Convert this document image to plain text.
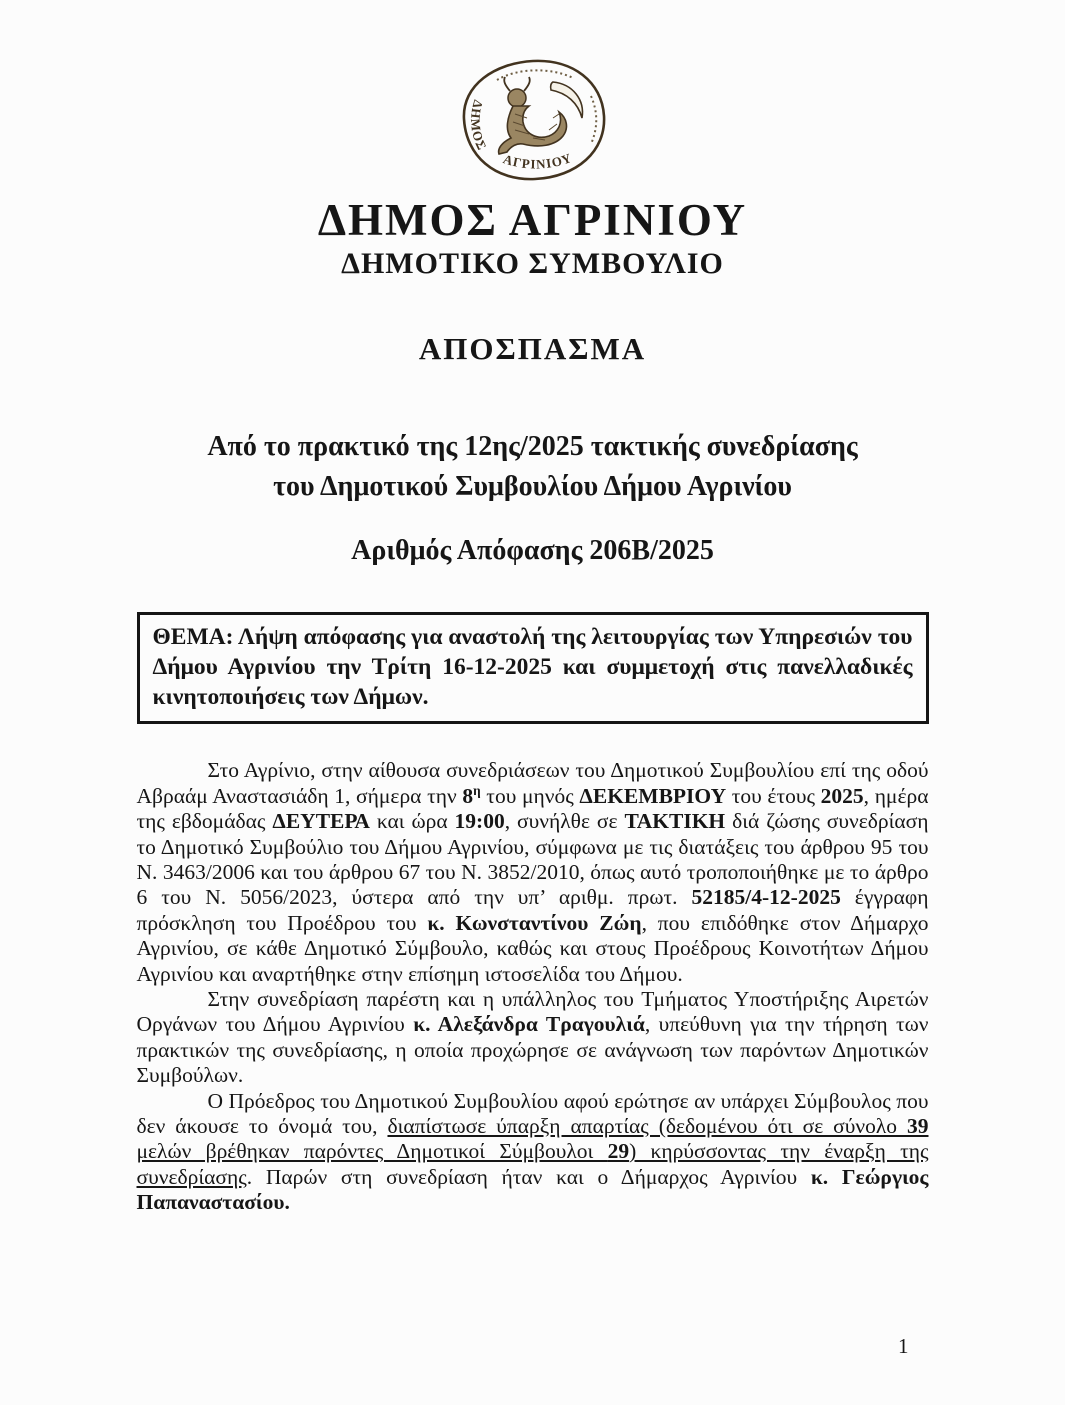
ΔΗΜΟΣ
ΑΓΡΙΝΙΟΥ
ΔΗΜΟΣ ΑΓΡΙΝΙΟΥ
ΔΗΜΟΤΙΚΟ ΣΥΜΒΟΥΛΙΟ
ΑΠΟΣΠΑΣΜΑ
Από το πρακτικό της 12ης/2025 τακτικής συνεδρίασης
του Δημοτικού Συμβουλίου Δήμου Αγρινίου
Αριθμός Απόφασης 206Β/2025
ΘΕΜΑ: Λήψη απόφασης για αναστολή της λειτουργίας των Υπηρεσιών του Δήμου Αγρινίου την Τρίτη 16-12-2025 και συμμετοχή στις πανελλαδικές κινητοποιήσεις των Δήμων.

Στο Αγρίνιο, στην αίθουσα συνεδριάσεων του Δημοτικού Συμβουλίου επί της οδού Αβραάμ Αναστασιάδη 1, σήμερα την $8^\eta$ του μηνός ΔΕΚΕΜΒΡΙΟΥ του έτους 2025, ημέρα της εβδομάδας ΔΕΥΤΕΡΑ και ώρα 19:00, συνήλθε σε ΤΑΚΤΙΚΗ διά ζώσης συνεδρίαση το Δημοτικό Συμβούλιο του Δήμου Αγρινίου, σύμφωνα με τις διατάξεις του άρθρου 95 του Ν. 3463/2006 και του άρθρου 67 του Ν. 3852/2010, όπως αυτό τροποποιήθηκε με το άρθρο 6 του Ν. 5056/2023, ύστερα από την υπ’ αριθμ. πρωτ. 52185/4-12-2025 έγγραφη πρόσκληση του Προέδρου του κ. Κωνσταντίνου Ζώη, που επιδόθηκε στον Δήμαρχο Αγρινίου, σε κάθε Δημοτικό Σύμβουλο, καθώς και στους Προέδρους Κοινοτήτων Δήμου Αγρινίου και αναρτήθηκε στην επίσημη ιστοσελίδα του Δήμου.

Στην συνεδρίαση παρέστη και η υπάλληλος του Τμήματος Υποστήριξης Αιρετών Οργάνων του Δήμου Αγρινίου κ. Αλεξάνδρα Τραγουλιά, υπεύθυνη για την τήρηση των πρακτικών της συνεδρίασης, η οποία προχώρησε σε ανάγνωση των παρόντων Δημοτικών Συμβούλων.

Ο Πρόεδρος του Δημοτικού Συμβουλίου αφού ερώτησε αν υπάρχει Σύμβουλος που δεν άκουσε το όνομά του, διαπίστωσε ύπαρξη απαρτίας (δεδομένου ότι σε σύνολο 39 μελών βρέθηκαν παρόντες Δημοτικοί Σύμβουλοι 29) κηρύσσοντας την έναρξη της συνεδρίασης. Παρών στη συνεδρίαση ήταν και ο Δήμαρχος Αγρινίου κ. Γεώργιος Παπαναστασίου.

1
